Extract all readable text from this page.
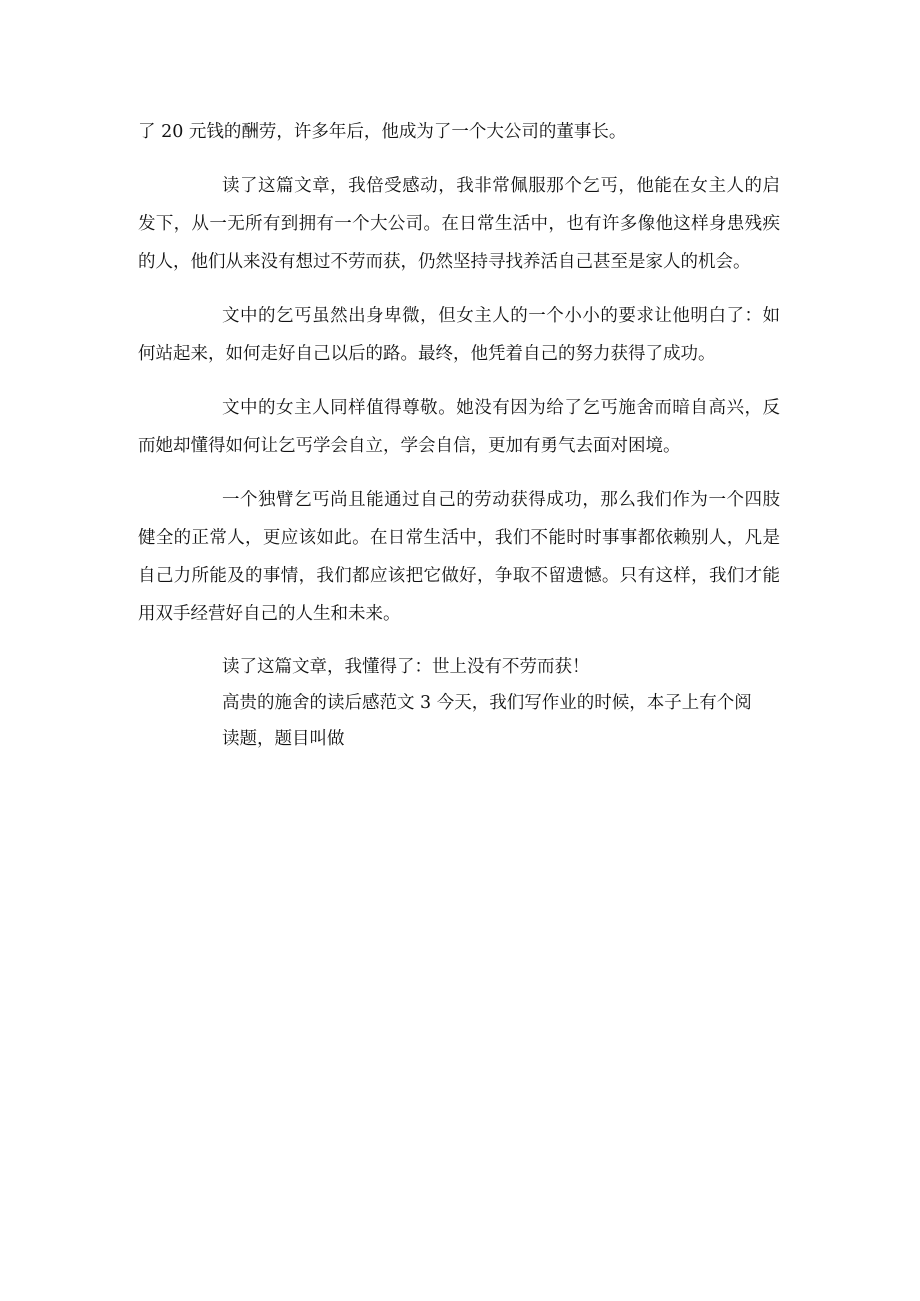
了 20 元钱的酬劳，许多年后，他成为了一个大公司的董事长。

读了这篇文章，我倍受感动，我非常佩服那个乞丐，他能在女主人的启发下，从一无所有到拥有一个大公司。在日常生活中，也有许多像他这样身患残疾的人，他们从来没有想过不劳而获，仍然坚持寻找养活自己甚至是家人的机会。

文中的乞丐虽然出身卑微，但女主人的一个小小的要求让他明白了：如何站起来，如何走好自己以后的路。最终，他凭着自己的努力获得了成功。

文中的女主人同样值得尊敬。她没有因为给了乞丐施舍而暗自高兴，反而她却懂得如何让乞丐学会自立，学会自信，更加有勇气去面对困境。

一个独臂乞丐尚且能通过自己的劳动获得成功，那么我们作为一个四肢健全的正常人，更应该如此。在日常生活中，我们不能时时事事都依赖别人，凡是自己力所能及的事情，我们都应该把它做好，争取不留遗憾。只有这样，我们才能用双手经营好自己的人生和未来。

读了这篇文章，我懂得了：世上没有不劳而获！

高贵的施舍的读后感范文 3 今天，我们写作业的时候，本子上有个阅读题，题目叫做
